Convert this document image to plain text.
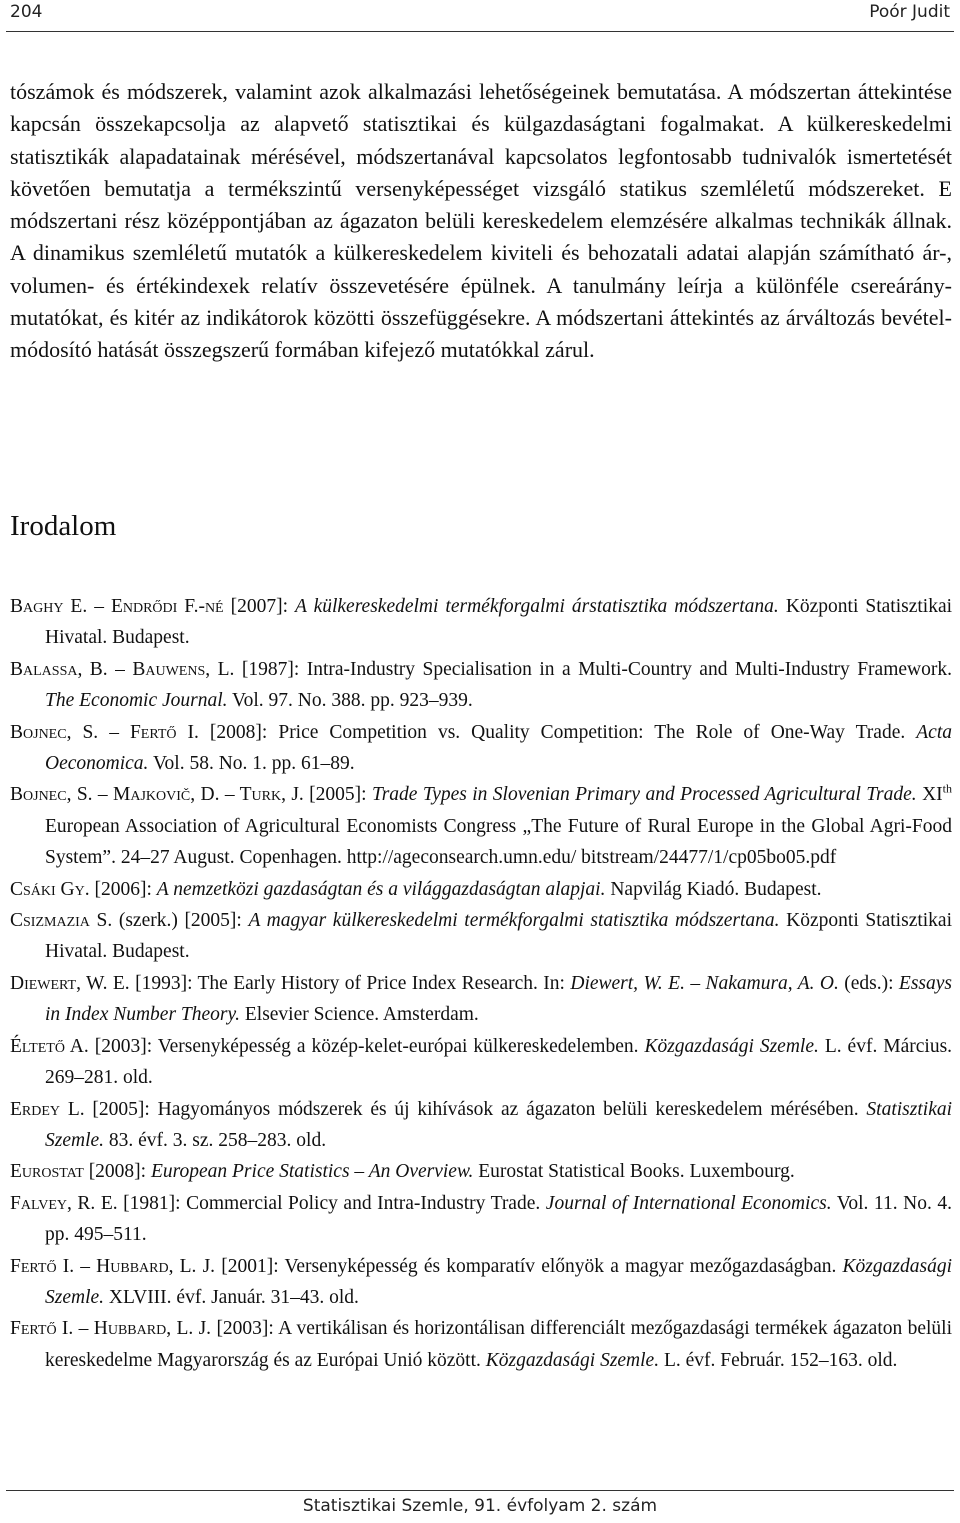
204	Poór Judit

tószámok és módszerek, valamint azok alkalmazási lehetőségeinek bemutatása. A módszertan áttekintése kapcsán összekapcsolja az alapvető statisztikai és külgazdaságtani fogalmakat. A külkereskedelmi statisztikák alapadatainak mérésével, módszertanával kapcsolatos legfontosabb tudnivalók ismertetését követően bemutatja a termékszintű versenyképességet vizsgáló statikus szemléletű módszereket. E módszertani rész középpontjában az ágazaton belüli kereskedelem elemzésére alkalmas technikák állnak. A dinamikus szemléletű mutatók a külkereskedelem kiviteli és behozatali adatai alapján számítható ár-, volumen- és értékindexek relatív összevetésére épülnek. A tanulmány leírja a különféle csereárány-mutatókat, és kitér az indikátorok közötti összefüggésekre. A módszertani áttekintés az árváltozás bevétel-módosító hatását összegszerű formában kifejező mutatókkal zárul.

Irodalom
Baghy E. – Endrődi F.-né [2007]: A külkereskedelmi termékforgalmi árstatisztika módszertana. Központi Statisztikai Hivatal. Budapest.
Balassa, B. – Bauwens, L. [1987]: Intra-Industry Specialisation in a Multi-Country and Multi-Industry Framework. The Economic Journal. Vol. 97. No. 388. pp. 923–939.
Bojnec, S. – Fertő I. [2008]: Price Competition vs. Quality Competition: The Role of One-Way Trade. Acta Oeconomica. Vol. 58. No. 1. pp. 61–89.
Bojnec, S. – Majkovič, D. – Turk, J. [2005]: Trade Types in Slovenian Primary and Processed Agricultural Trade. XIth European Association of Agricultural Economists Congress „The Future of Rural Europe in the Global Agri-Food System”. 24–27 August. Copenhagen. http://ageconsearch.umn.edu/ bitstream/24477/1/cp05bo05.pdf
Csáki Gy. [2006]: A nemzetközi gazdaságtan és a világgazdaságtan alapjai. Napvilág Kiadó. Budapest.
Csizmazia S. (szerk.) [2005]: A magyar külkereskedelmi termékforgalmi statisztika módszertana. Központi Statisztikai Hivatal. Budapest.
Diewert, W. E. [1993]: The Early History of Price Index Research. In: Diewert, W. E. – Nakamura, A. O. (eds.): Essays in Index Number Theory. Elsevier Science. Amsterdam.
Éltető A. [2003]: Versenyképesség a közép-kelet-európai külkereskedelemben. Közgazdasági Szemle. L. évf. Március. 269–281. old.
Erdey L. [2005]: Hagyományos módszerek és új kihívások az ágazaton belüli kereskedelem mérésében. Statisztikai Szemle. 83. évf. 3. sz. 258–283. old.
Eurostat [2008]: European Price Statistics – An Overview. Eurostat Statistical Books. Luxembourg.
Falvey, R. E. [1981]: Commercial Policy and Intra-Industry Trade. Journal of International Economics. Vol. 11. No. 4. pp. 495–511.
Fertő I. – Hubbard, L. J. [2001]: Versenyképesség és komparatív előnyök a magyar mezőgazdaságban. Közgazdasági Szemle. XLVIII. évf. Január. 31–43. old.
Fertő I. – Hubbard, L. J. [2003]: A vertikálisan és horizontálisan differenciált mezőgazdasági termékek ágazaton belüli kereskedelme Magyarország és az Európai Unió között. Közgazdasági Szemle. L. évf. Február. 152–163. old.
Statisztikai Szemle, 91. évfolyam 2. szám
